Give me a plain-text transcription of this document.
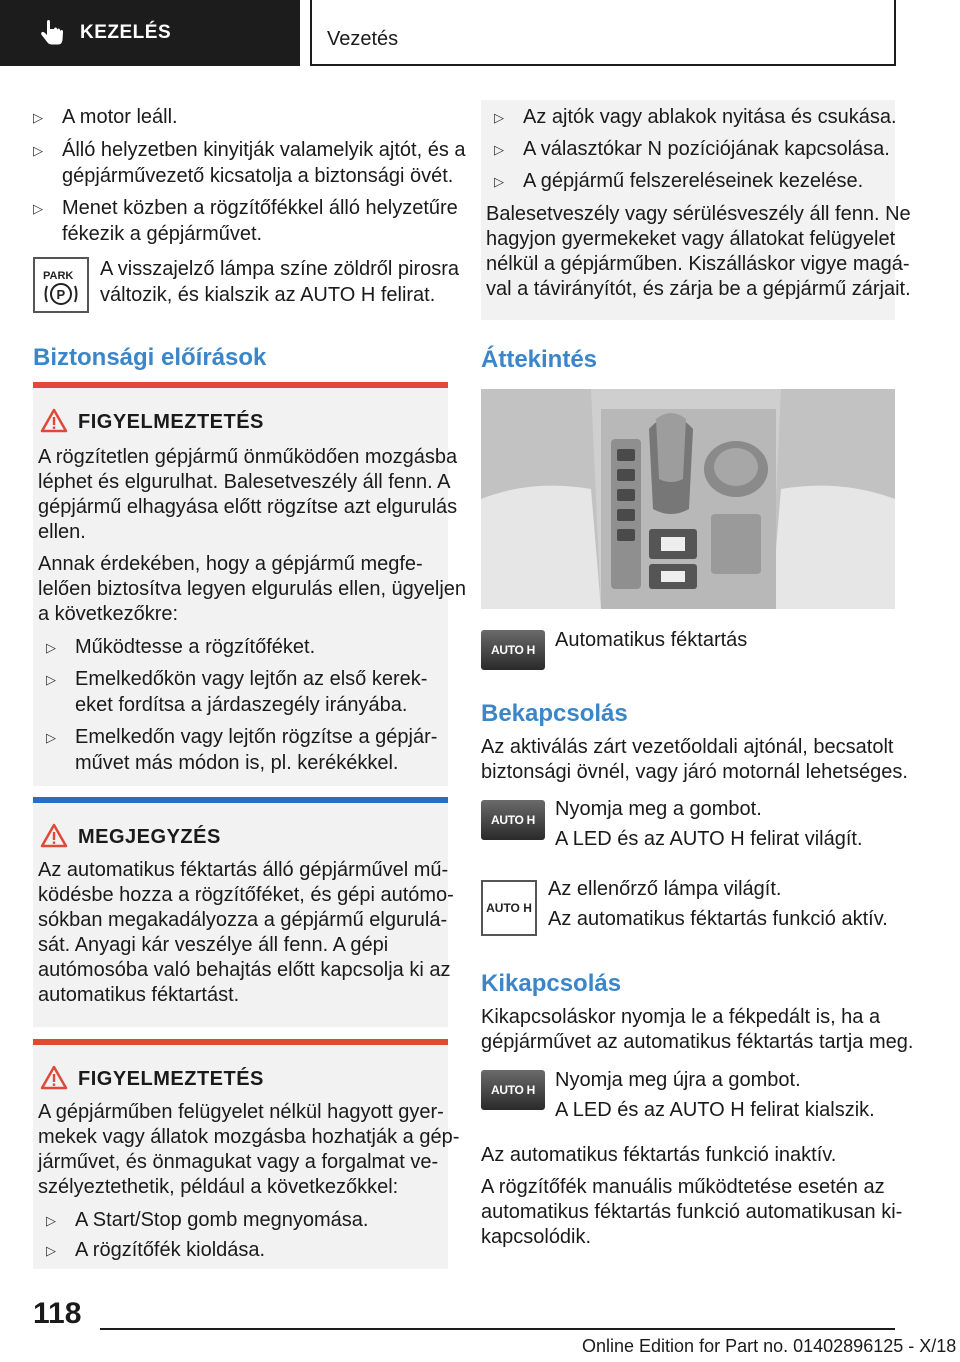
KEZELÉS	Vezetés
▷ A motor leáll.
▷ Álló helyzetben kinyitják valamelyik ajtót, és a
gépjárművezető kicsatolja a biztonsági övét.
▷ Menet közben a rögzítőfékkel álló helyzetűre
fékezik a gépjárművet.
PARK
P
A visszajelző lámpa színe zöldről pirosra
változik, és kialszik az AUTO H felirat.
Biztonsági előírások
FIGYELMEZTETÉS
A rögzítetlen gépjármű önműködően mozgásba
léphet és elgurulhat. Balesetveszély áll fenn. A
gépjármű elhagyása előtt rögzítse azt elgurulás
ellen.
Annak érdekében, hogy a gépjármű megfe-
lelően biztosítva legyen elgurulás ellen, ügyeljen
a következőkre:
▷ Működtesse a rögzítőféket.
▷ Emelkedőkön vagy lejtőn az első kerek-
eket fordítsa a járdaszegély irányába.
▷ Emelkedőn vagy lejtőn rögzítse a gépjár-
művet más módon is, pl. kerékékkel.
MEGJEGYZÉS
Az automatikus féktartás álló gépjárművel mű-
ködésbe hozza a rögzítőféket, és gépi autómo-
sókban megakadályozza a gépjármű elgurulá-
sát. Anyagi kár veszélye áll fenn. A gépi
autómosóba való behajtás előtt kapcsolja ki az
automatikus féktartást.
FIGYELMEZTETÉS
A gépjárműben felügyelet nélkül hagyott gyer-
mekek vagy állatok mozgásba hozhatják a gép-
járművet, és önmagukat vagy a forgalmat ve-
szélyeztethetik, például a következőkkel:
▷ A Start/Stop gomb megnyomása.
▷ A rögzítőfék kioldása.
▷ Az ajtók vagy ablakok nyitása és csukása.
▷ A választókar N pozíciójának kapcsolása.
▷ A gépjármű felszereléseinek kezelése.
Balesetveszély vagy sérülésveszély áll fenn. Ne
hagyjon gyermekeket vagy állatokat felügyelet
nélkül a gépjárműben. Kiszálláskor vigye magá-
val a távirányítót, és zárja be a gépjármű zárjait.
Áttekintés
AUTO H Automatikus féktartás
Bekapcsolás
Az aktiválás zárt vezetőoldali ajtónál, becsatolt
biztonsági övnél, vagy járó motornál lehetséges.
AUTO H Nyomja meg a gombot.
A LED és az AUTO H felirat világít.
AUTO H
Az ellenőrző lámpa világít.
Az automatikus féktartás funkció aktív.
Kikapcsolás
Kikapcsoláskor nyomja le a fékpedált is, ha a
gépjárművet az automatikus féktartás tartja meg.
AUTO H Nyomja meg újra a gombot.
A LED és az AUTO H felirat kialszik.
Az automatikus féktartás funkció inaktív.
A rögzítőfék manuális működtetése esetén az
automatikus féktartás funkció automatikusan ki-
kapcsolódik.
118
Online Edition for Part no. 01402896125 - X/18
